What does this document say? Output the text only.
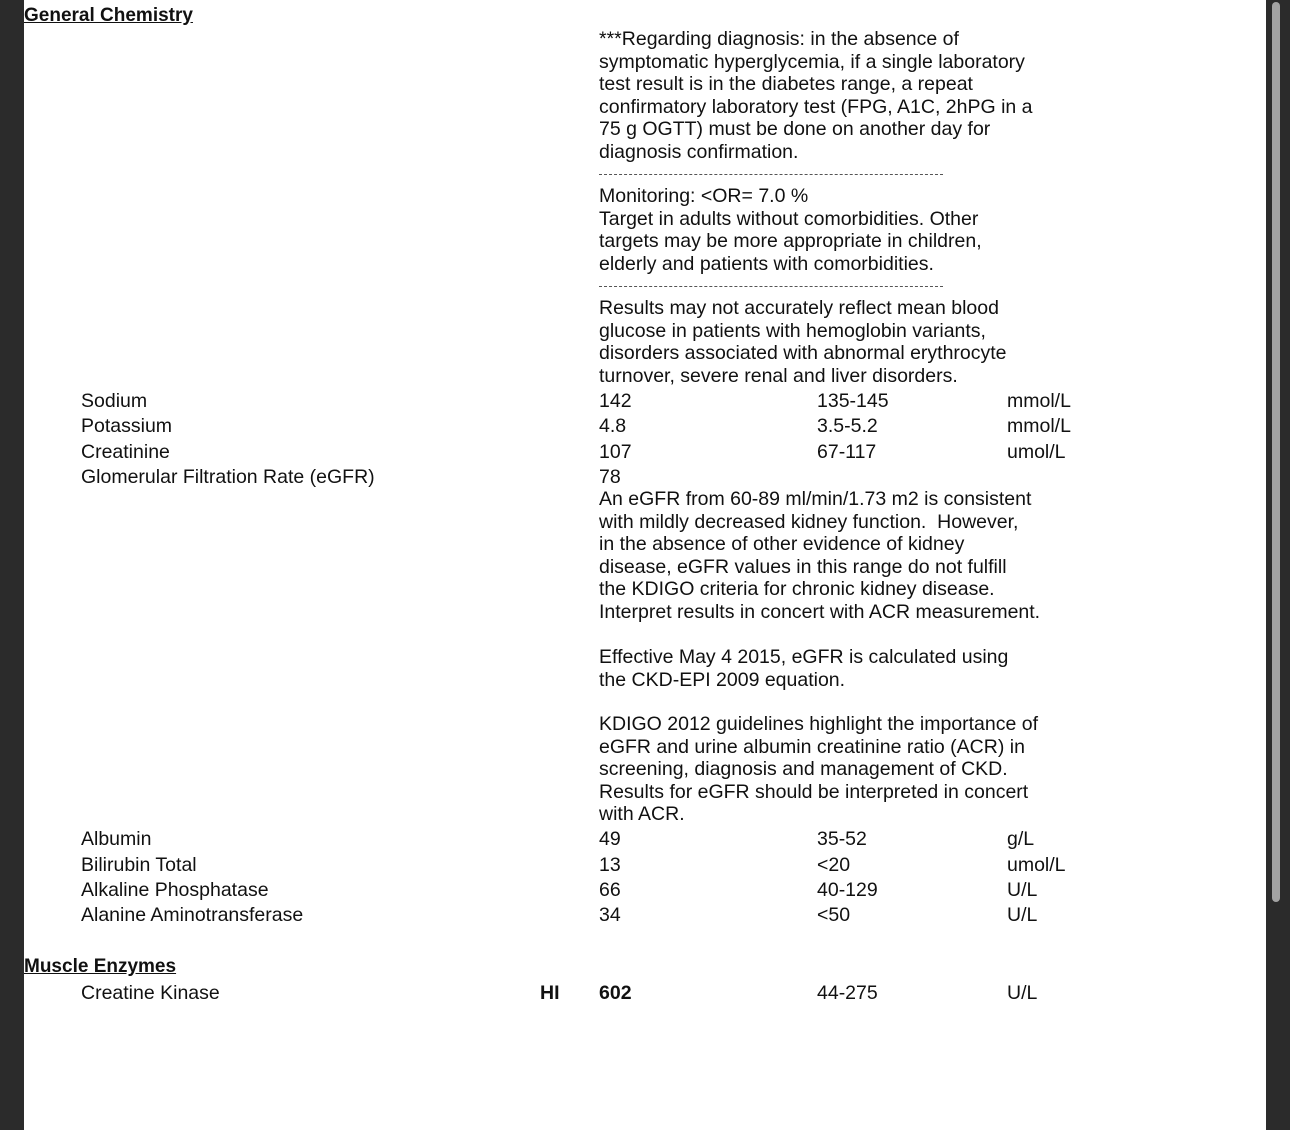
General Chemistry
***Regarding diagnosis: in the absence of
symptomatic hyperglycemia, if a single laboratory
test result is in the diabetes range, a repeat
confirmatory laboratory test (FPG, A1C, 2hPG in a
75 g OGTT) must be done on another day for
diagnosis confirmation.
Monitoring: <OR= 7.0 %
Target in adults without comorbidities. Other
targets may be more appropriate in children,
elderly and patients with comorbidities.
Results may not accurately reflect mean blood
glucose in patients with hemoglobin variants,
disorders associated with abnormal erythrocyte
turnover, severe renal and liver disorders.
Sodium	142	135-145	mmol/L
Potassium	4.8	3.5-5.2	mmol/L
Creatinine	107	67-117	umol/L
Glomerular Filtration Rate (eGFR)	78
An eGFR from 60-89 ml/min/1.73 m2 is consistent
with mildly decreased kidney function.  However,
in the absence of other evidence of kidney
disease, eGFR values in this range do not fulfill
the KDIGO criteria for chronic kidney disease.
Interpret results in concert with ACR measurement.
Effective May 4 2015, eGFR is calculated using
the CKD-EPI 2009 equation.
KDIGO 2012 guidelines highlight the importance of
eGFR and urine albumin creatinine ratio (ACR) in
screening, diagnosis and management of CKD.
Results for eGFR should be interpreted in concert
with ACR.
Albumin	49	35-52	g/L
Bilirubin Total	13	<20	umol/L
Alkaline Phosphatase	66	40-129	U/L
Alanine Aminotransferase	34	<50	U/L
Muscle Enzymes
Creatine Kinase	HI 602	44-275	U/L
